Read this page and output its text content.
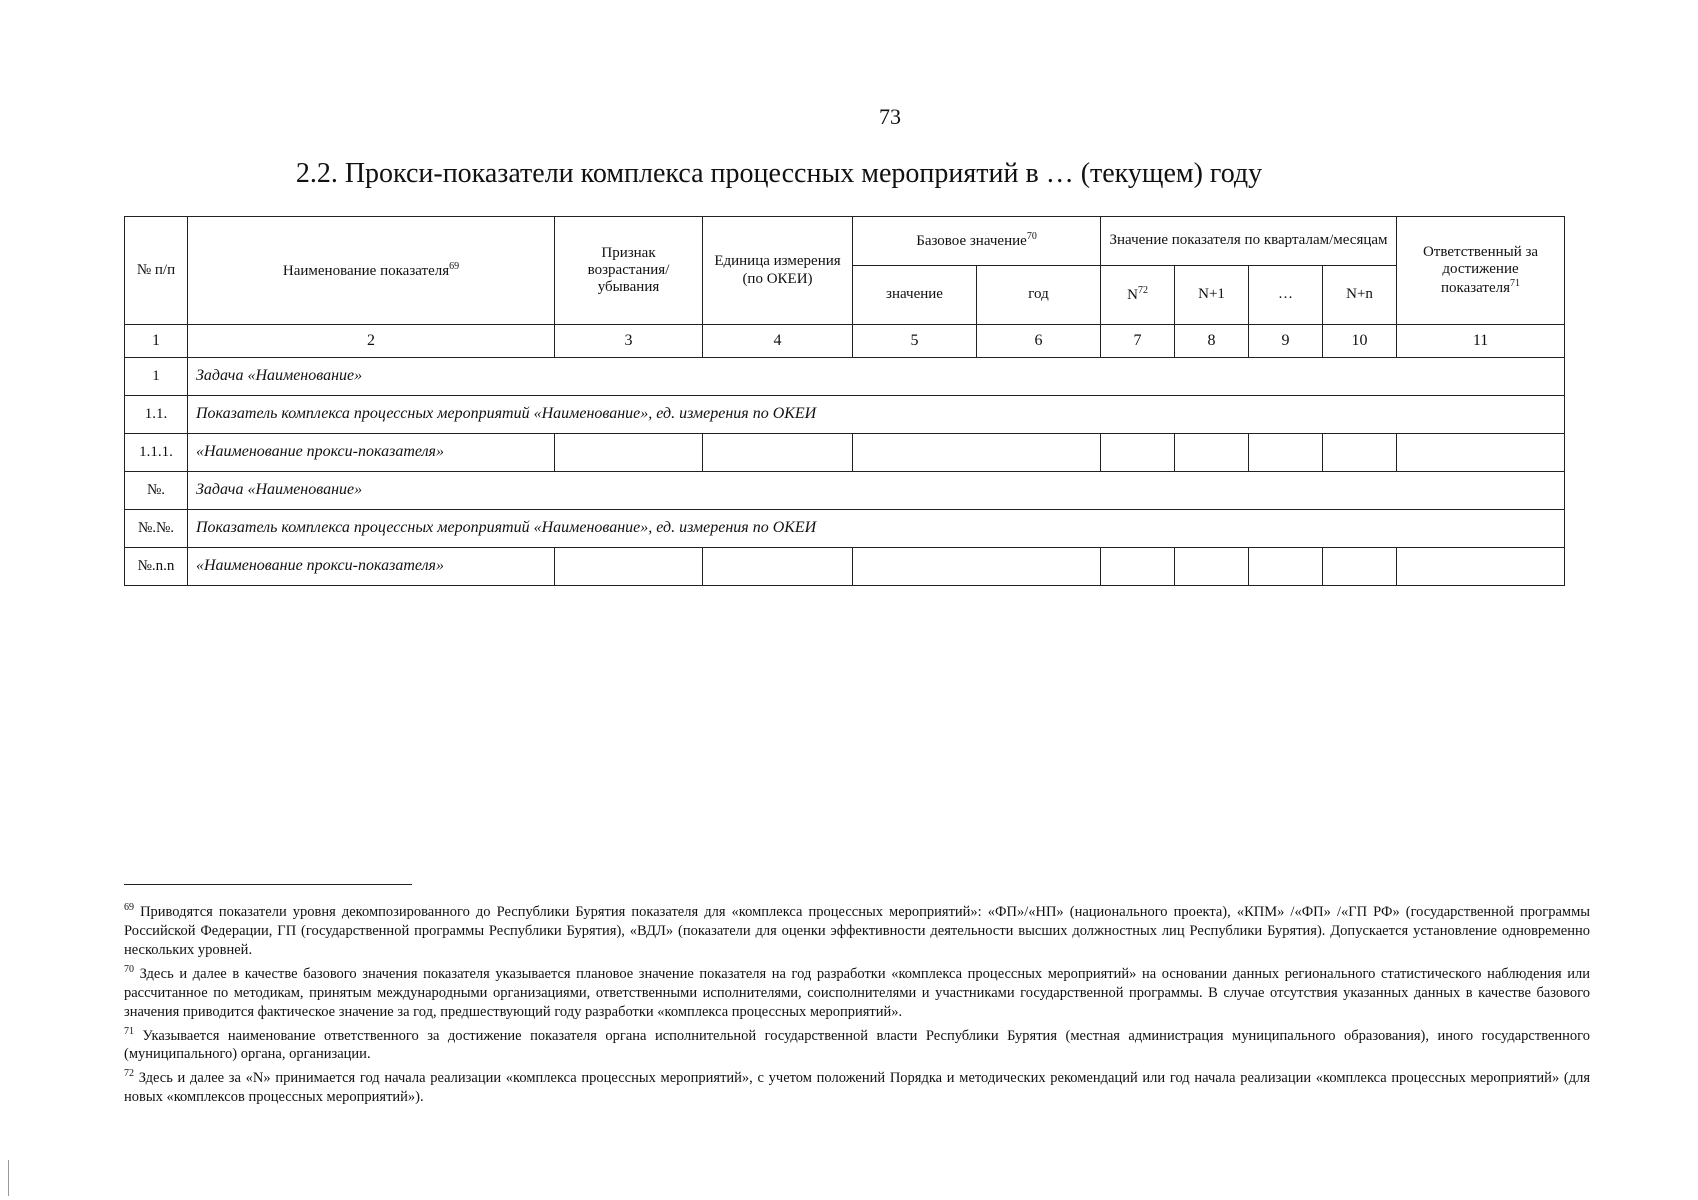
73
2.2. Прокси-показатели комплекса процессных мероприятий в … (текущем) году
№ п/п	Наименование показателя$^{69}$	Признак возрастания/ убывания	Единица измерения (по ОКЕИ)	Базовое значение$^{70}$		Значение показателя по кварталам/месяцам				Ответственный за достижение показателя$^{71}$
				значение	год	$N^{72}$	N+1	…	N+n	
1	2	3	4	5	6	7	8	9	10	11
1	Задача «Наименование»									
1.1.	Показатель комплекса процессных мероприятий «Наименование», ед. измерения по ОКЕИ									
1.1.1.	«Наименование прокси-показателя»									
№.	Задача «Наименование»									
№.№.	Показатель комплекса процессных мероприятий «Наименование», ед. измерения по ОКЕИ									
№.n.n	«Наименование прокси-показателя»									

$^{69}$ Приводятся показатели уровня декомпозированного до Республики Бурятия показателя для «комплекса процессных мероприятий»: «ФП»/«НП» (национального проекта), «КПМ» /«ФП» /«ГП РФ» (государственной программы Российской Федерации, ГП (государственной программы Республики Бурятия), «ВДЛ» (показатели для оценки эффективности деятельности высших должностных лиц Республики Бурятия). Допускается установление одновременно нескольких уровней.

$^{70}$ Здесь и далее в качестве базового значения показателя указывается плановое значение показателя на год разработки «комплекса процессных мероприятий» на основании данных регионального статистического наблюдения или рассчитанное по методикам, принятым международными организациями, ответственными исполнителями, соисполнителями и участниками государственной программы. В случае отсутствия указанных данных в качестве базового значения приводится фактическое значение за год, предшествующий году разработки «комплекса процессных мероприятий».

$^{71}$ Указывается наименование ответственного за достижение показателя органа исполнительной государственной власти Республики Бурятия (местная администрация муниципального образования), иного государственного (муниципального) органа, организации.

$^{72}$ Здесь и далее за «N» принимается год начала реализации «комплекса процессных мероприятий», с учетом положений Порядка и методических рекомендаций или год начала реализации «комплекса процессных мероприятий» (для новых «комплексов процессных мероприятий»).
